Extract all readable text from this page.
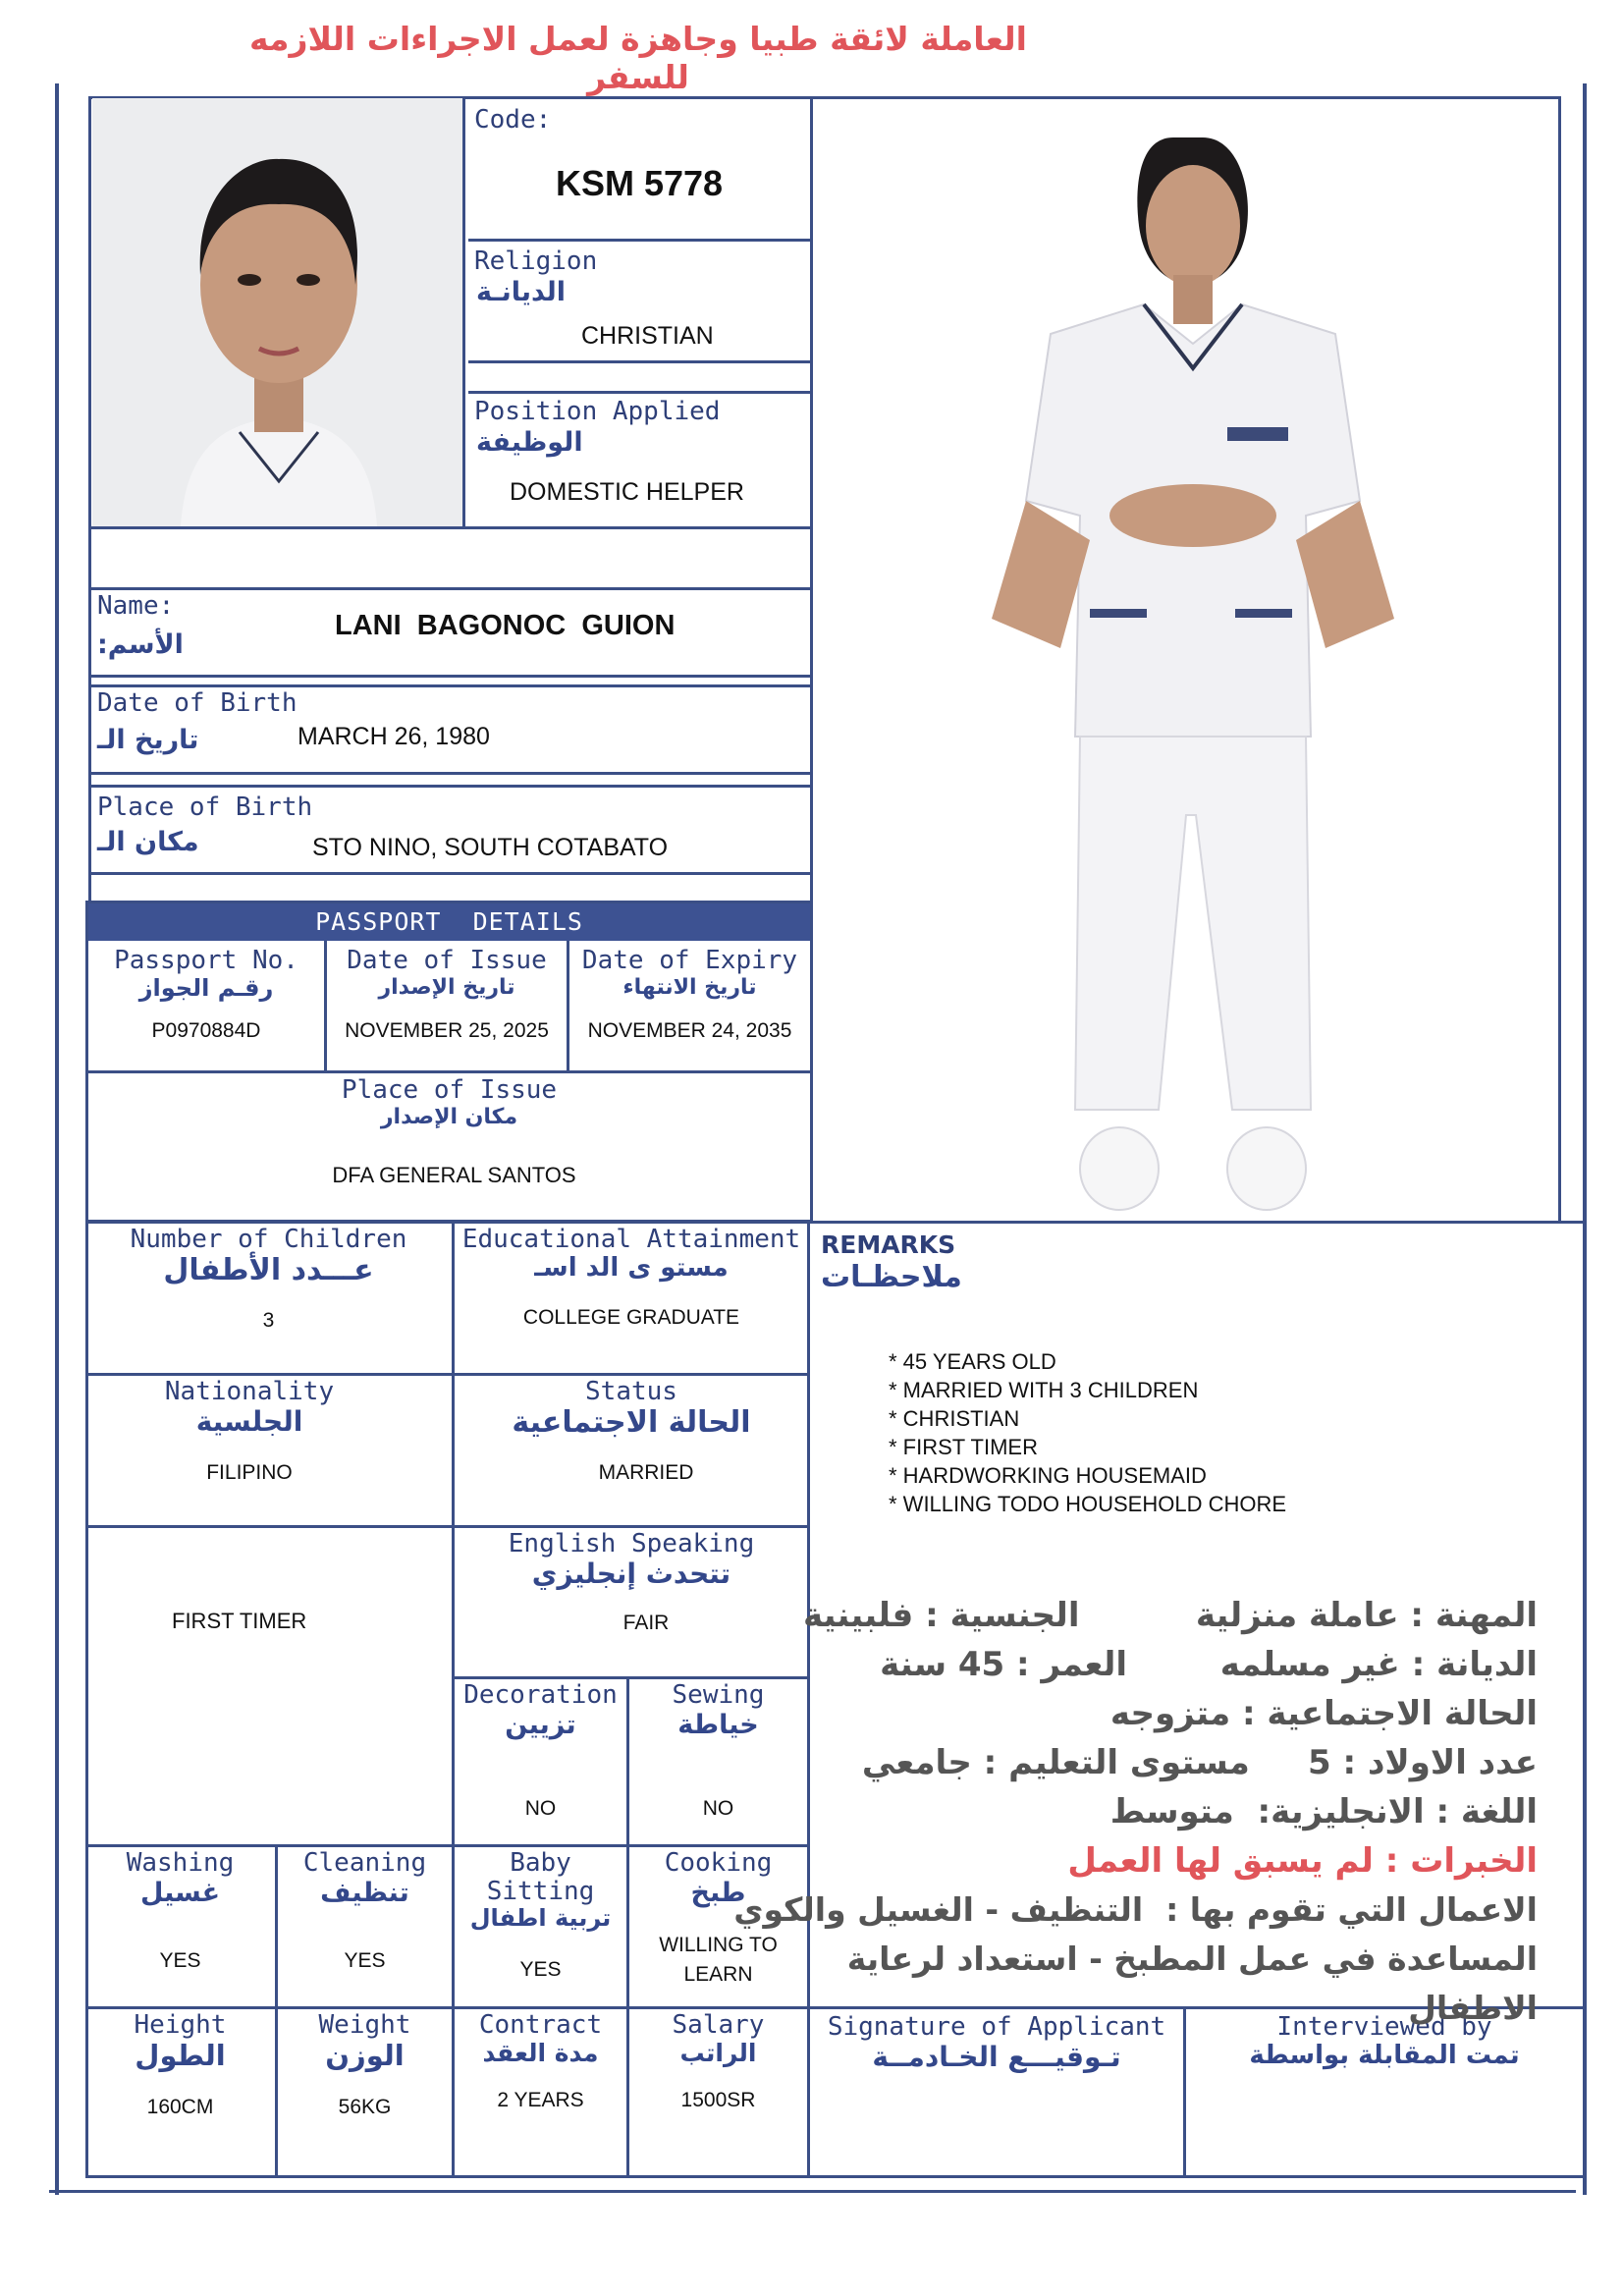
العاملة لائقة طبيا وجاهزة لعمل الاجراءات اللازمه للسفر
Code:
KSM 5778
Religion
الديانـة
CHRISTIAN
Position Applied
الوظيفة
DOMESTIC HELPER
Name:
الأسم:
LANI  BAGONOC  GUION
Date of Birth
تاريخ الـ	MARCH 26, 1980
Place of Birth
مكان الـ	STO NINO, SOUTH COTABATO
PASSPORT  DETAILS
Passport No.
رقـم الجواز
P0970884D
Date of Issue
تاريخ الإصدار
NOVEMBER 25, 2025
Date of Expiry
تاريخ الانتهاء
NOVEMBER 24, 2035
Place of Issue
مكان الإصدار
DFA GENERAL SANTOS
Number of Children
عـــدد الأطفال
3
Educational Attainment
مستو ى الد اسـ
COLLEGE GRADUATE
Nationality
الجلسية
FILIPINO
Status
الحالة الاجتماعية
MARRIED
FIRST TIMER
English Speaking
تتحدث إنجليزي
FAIR
Decoration
تزيين
NO
Sewing
خياطة
NO
Washing
غسيل
YES
Cleaning
تنظيف
YES
Baby Sitting
تربية اطفال
YES
Cooking
طبخ
WILLING TO
LEARN
Height
الطول
160CM
Weight
الوزن
56KG
Contract
مدة العقد
2 YEARS
Salary
الراتب
1500SR
Signature of Applicant
تـوقيـــع الخـادمــة
Interviewed by
تمت المقابلة بواسطة
REMARKS
ملاحظـات
* 45 YEARS OLD
* MARRIED WITH 3 CHILDREN
* CHRISTIAN
* FIRST TIMER
* HARDWORKING HOUSEMAID
* WILLING TODO HOUSEHOLD CHORE
المهنة : عاملة منزلية          الجنسية : فلبينية
الديانة : غير مسلمه        العمر : 45 سنة
الحالة الاجتماعية : متزوجه
عدد الاولاد : 5     مستوى التعليم : جامعي
اللغة : الانجليزية:  متوسط
الخبرات : لم يسبق لها العمل
الاعمال التي تقوم بها :  التنظيف - الغسيل والكوي
المساعدة في عمل المطبخ - استعداد لرعاية الاطفال
